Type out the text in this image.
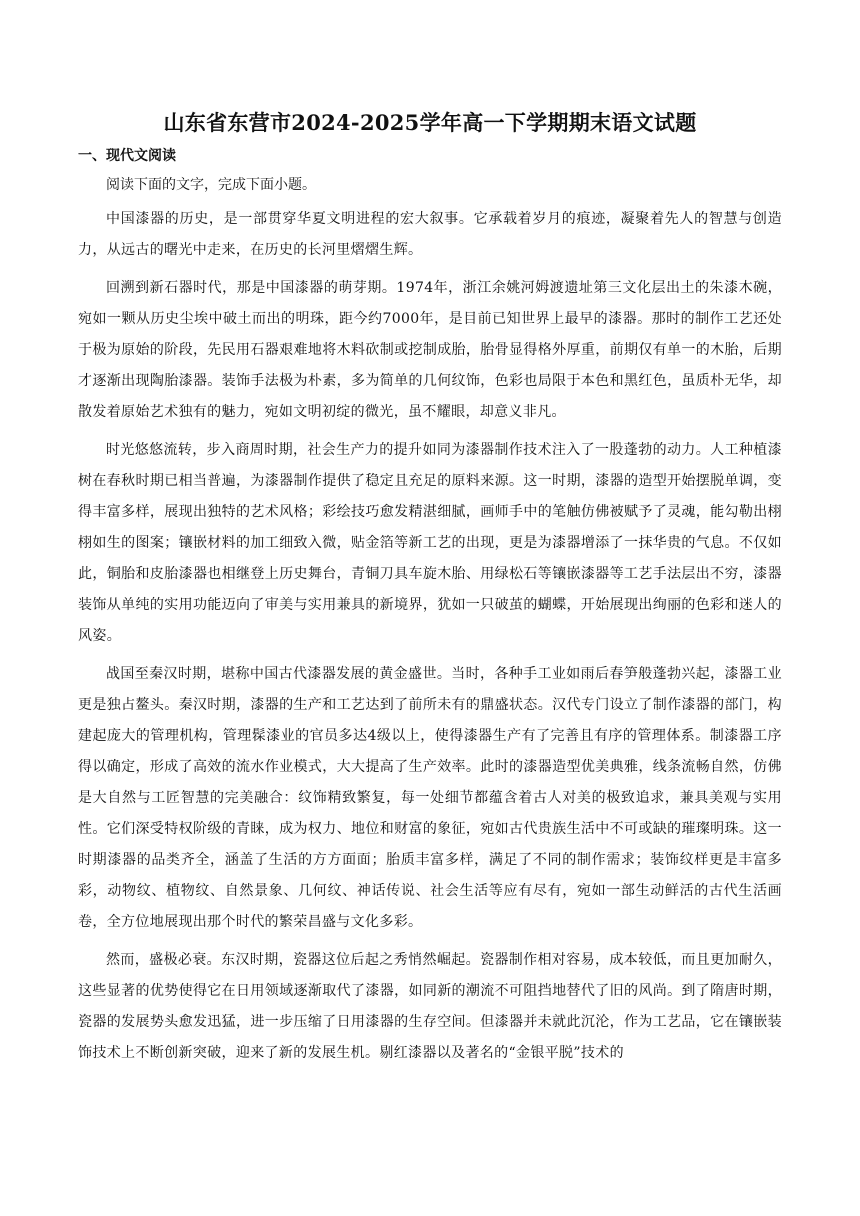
山东省东营市2024-2025学年高一下学期期末语文试题
一、现代文阅读

阅读下面的文字，完成下面小题。

中国漆器的历史，是一部贯穿华夏文明进程的宏大叙事。它承载着岁月的痕迹，凝聚着先人的智慧与创造力，从远古的曙光中走来，在历史的长河里熠熠生辉。

回溯到新石器时代，那是中国漆器的萌芽期。1974年，浙江余姚河姆渡遗址第三文化层出土的朱漆木碗，宛如一颗从历史尘埃中破土而出的明珠，距今约7000年，是目前已知世界上最早的漆器。那时的制作工艺还处于极为原始的阶段，先民用石器艰难地将木料砍制或挖制成胎，胎骨显得格外厚重，前期仅有单一的木胎，后期才逐渐出现陶胎漆器。装饰手法极为朴素，多为简单的几何纹饰，色彩也局限于本色和黑红色，虽质朴无华，却散发着原始艺术独有的魅力，宛如文明初绽的微光，虽不耀眼，却意义非凡。

时光悠悠流转，步入商周时期，社会生产力的提升如同为漆器制作技术注入了一股蓬勃的动力。人工种植漆树在春秋时期已相当普遍，为漆器制作提供了稳定且充足的原料来源。这一时期，漆器的造型开始摆脱单调，变得丰富多样，展现出独特的艺术风格；彩绘技巧愈发精湛细腻，画师手中的笔触仿佛被赋予了灵魂，能勾勒出栩栩如生的图案；镶嵌材料的加工细致入微，贴金箔等新工艺的出现，更是为漆器增添了一抹华贵的气息。不仅如此，铜胎和皮胎漆器也相继登上历史舞台，青铜刀具车旋木胎、用绿松石等镶嵌漆器等工艺手法层出不穷，漆器装饰从单纯的实用功能迈向了审美与实用兼具的新境界，犹如一只破茧的蝴蝶，开始展现出绚丽的色彩和迷人的风姿。

战国至秦汉时期，堪称中国古代漆器发展的黄金盛世。当时，各种手工业如雨后春笋般蓬勃兴起，漆器工业更是独占鳌头。秦汉时期，漆器的生产和工艺达到了前所未有的鼎盛状态。汉代专门设立了制作漆器的部门，构建起庞大的管理机构，管理髹漆业的官员多达4级以上，使得漆器生产有了完善且有序的管理体系。制漆器工序得以确定，形成了高效的流水作业模式，大大提高了生产效率。此时的漆器造型优美典雅，线条流畅自然，仿佛是大自然与工匠智慧的完美融合：纹饰精致繁复，每一处细节都蕴含着古人对美的极致追求，兼具美观与实用性。它们深受特权阶级的青睐，成为权力、地位和财富的象征，宛如古代贵族生活中不可或缺的璀璨明珠。这一时期漆器的品类齐全，涵盖了生活的方方面面；胎质丰富多样，满足了不同的制作需求；装饰纹样更是丰富多彩，动物纹、植物纹、自然景象、几何纹、神话传说、社会生活等应有尽有，宛如一部生动鲜活的古代生活画卷，全方位地展现出那个时代的繁荣昌盛与文化多彩。

然而，盛极必衰。东汉时期，瓷器这位后起之秀悄然崛起。瓷器制作相对容易，成本较低，而且更加耐久，这些显著的优势使得它在日用领域逐渐取代了漆器，如同新的潮流不可阻挡地替代了旧的风尚。到了隋唐时期，瓷器的发展势头愈发迅猛，进一步压缩了日用漆器的生存空间。但漆器并未就此沉沦，作为工艺品，它在镶嵌装饰技术上不断创新突破，迎来了新的发展生机。剔红漆器以及著名的“金银平脱”技术的
